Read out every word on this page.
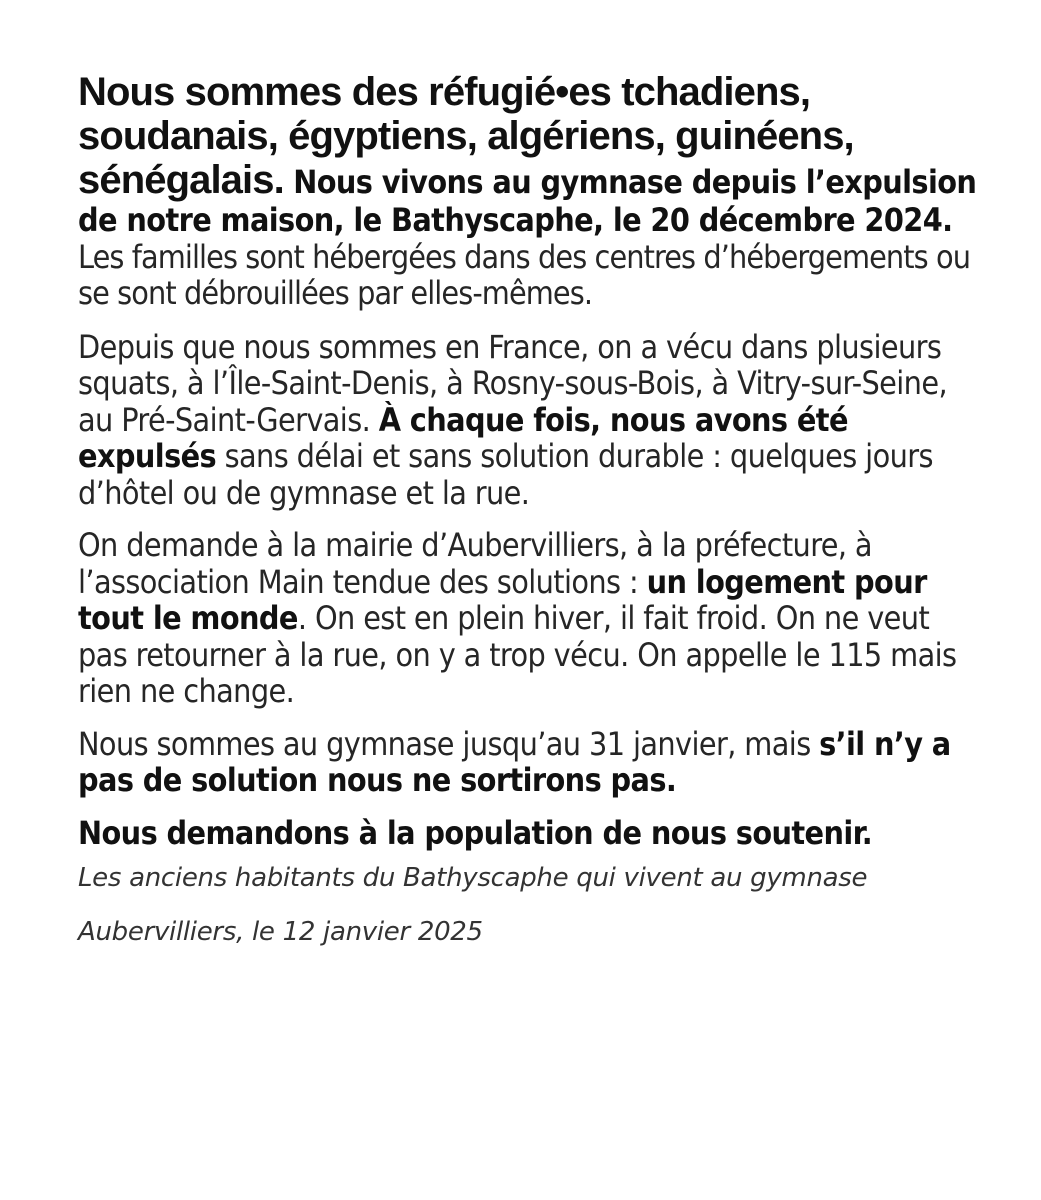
Nous sommes des réfugié•es tchadiens, soudanais, égyptiens, algériens, guinéens, sénégalais. Nous vivons au gymnase depuis l’expulsion de notre maison, le Bathyscaphe, le 20 décembre 2024. Les familles sont hébergées dans des centres d’hébergements ou se sont débrouillées par elles-mêmes.

Depuis que nous sommes en France, on a vécu dans plusieurs squats, à l’Île-Saint-Denis, à Rosny-sous-Bois, à Vitry-sur-Seine, au Pré-Saint-Gervais. À chaque fois, nous avons été expulsés sans délai et sans solution durable : quelques jours d’hôtel ou de gymnase et la rue.

On demande à la mairie d’Aubervilliers, à la préfecture, à l’association Main tendue des solutions : un logement pour tout le monde. On est en plein hiver, il fait froid. On ne veut pas retourner à la rue, on y a trop vécu. On appelle le 115 mais rien ne change.

Nous sommes au gymnase jusqu’au 31 janvier, mais s’il n’y a pas de solution nous ne sortirons pas.

Nous demandons à la population de nous soutenir.

Les anciens habitants du Bathyscaphe qui vivent au gymnase

Aubervilliers, le 12 janvier 2025
